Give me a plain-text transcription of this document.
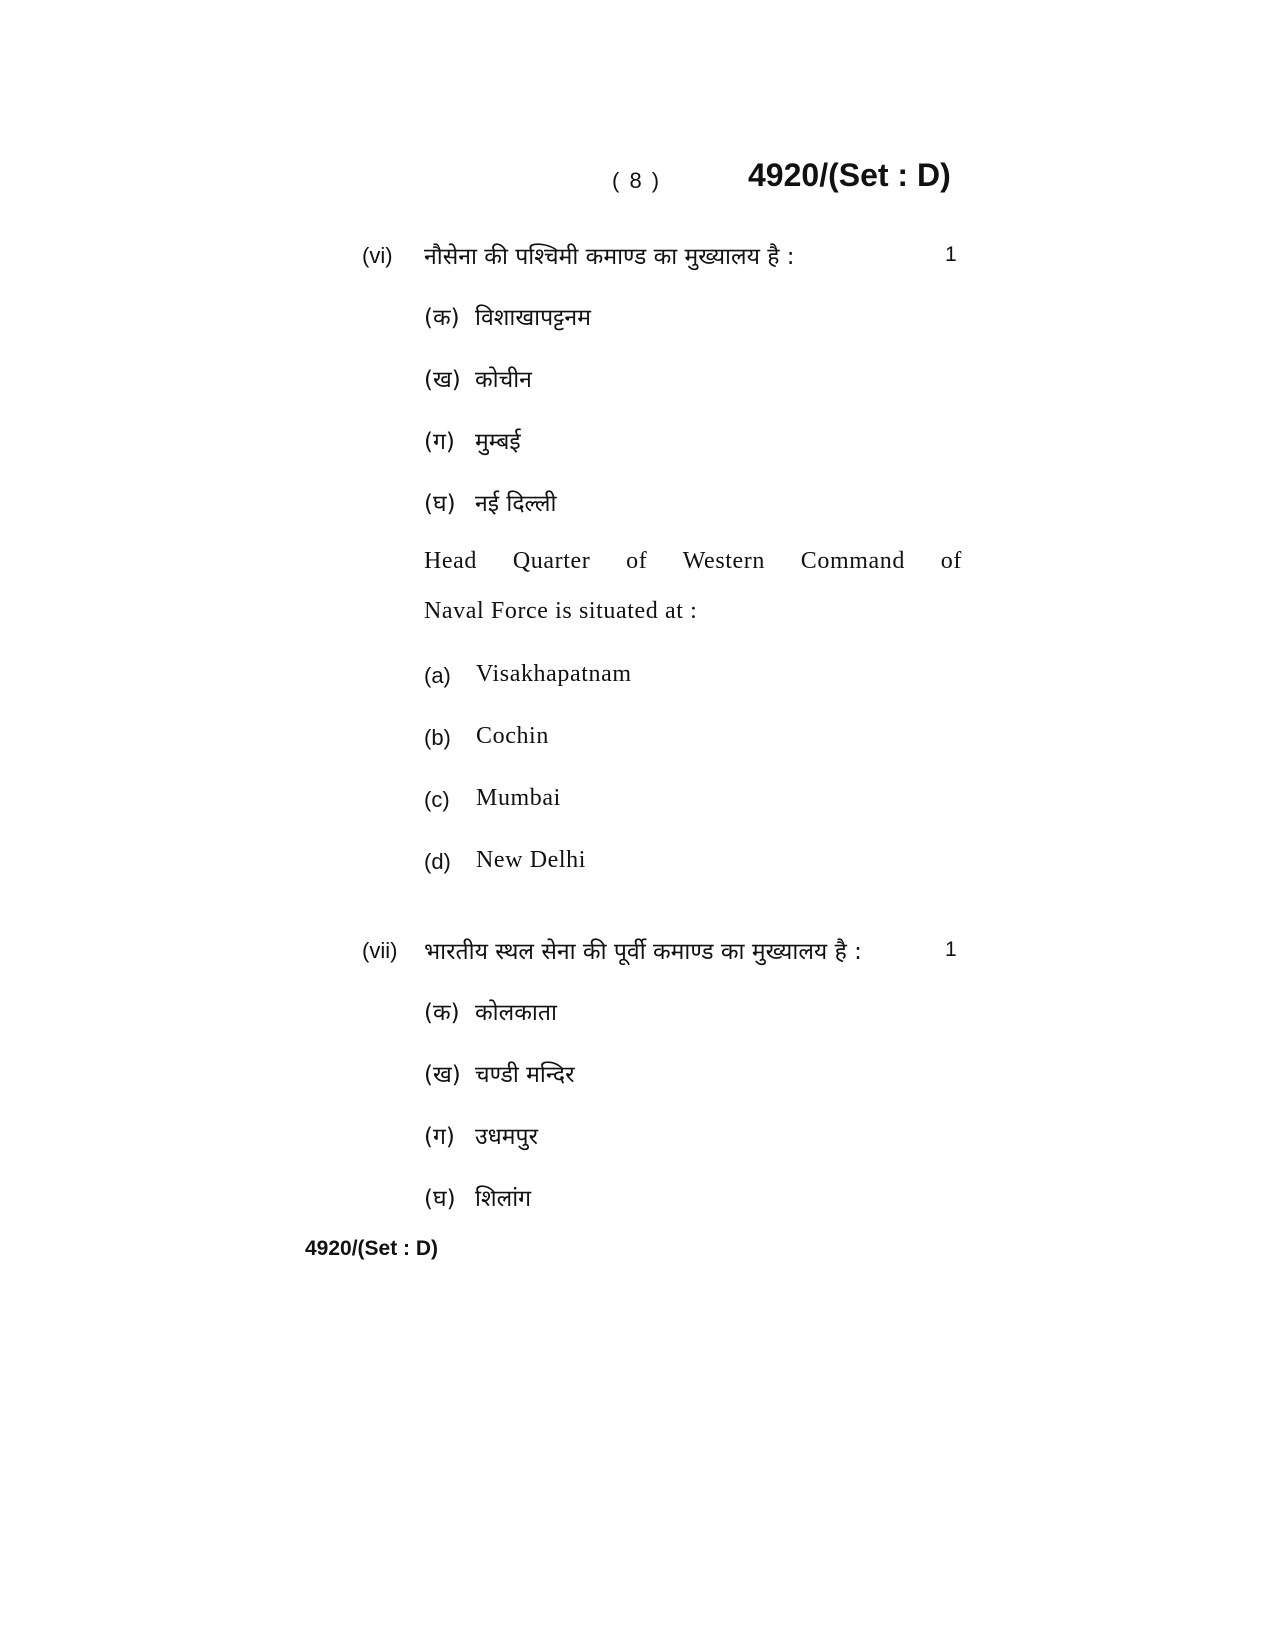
( 8 )	4920/(Set : D)
(vi) नौसेना की पश्चिमी कमाण्ड का मुख्यालय है :	1
(क) विशाखापट्टनम
(ख) कोचीन
(ग) मुम्बई
(घ) नई दिल्ली
Head Quarter of Western Command of
Naval Force is situated at :
(a) Visakhapatnam
(b) Cochin
(c) Mumbai
(d) New Delhi
(vii) भारतीय स्थल सेना की पूर्वी कमाण्ड का मुख्यालय है :	1
(क) कोलकाता
(ख) चण्डी मन्दिर
(ग) उधमपुर
(घ) शिलांग
4920/(Set : D)
